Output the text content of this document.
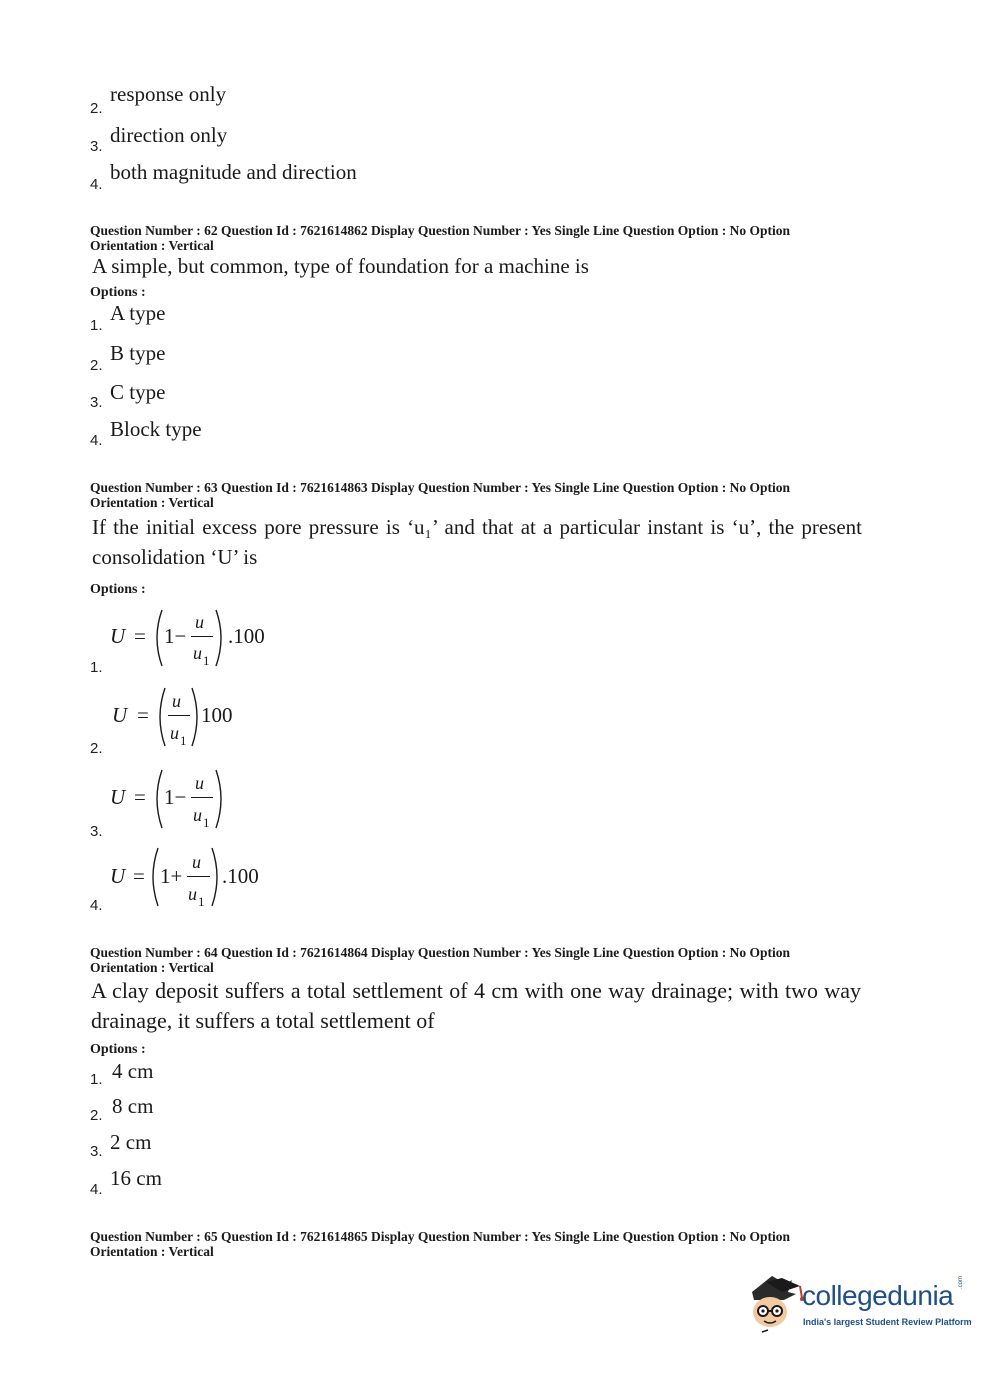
2.
response only
3. direction only
4.
both magnitude and direction
Question Number : 62 Question Id : 7621614862 Display Question Number : Yes Single Line Question Option : No Option
Orientation : Vertical
A simple, but common, type of foundation for a machine is
Options :
1.
A type
2.
B type
3. C type
4. Block type
Question Number : 63 Question Id : 7621614863 Display Question Number : Yes Single Line Question Option : No Option
Orientation : Vertical
If the initial excess pore pressure is ‘u₁’ and that at a particular instant is ‘u’, the present consolidation ‘U’ is
Options :
1.
U = 1−
u
u 1
.100
2.
U =
u
u 1
100
3.
U = 1−
u
u 1
4.
U = 1+
u
u 1
.100
Question Number : 64 Question Id : 7621614864 Display Question Number : Yes Single Line Question Option : No Option
Orientation : Vertical
A clay deposit suffers a total settlement of 4 cm with one way drainage; with two way drainage, it suffers a total settlement of
Options :
1. 4 cm
2. 8 cm
3. 2 cm
4. 16 cm
Question Number : 65 Question Id : 7621614865 Display Question Number : Yes Single Line Question Option : No Option
Orientation : Vertical
collegedunia .com
India's largest Student Review Platform
